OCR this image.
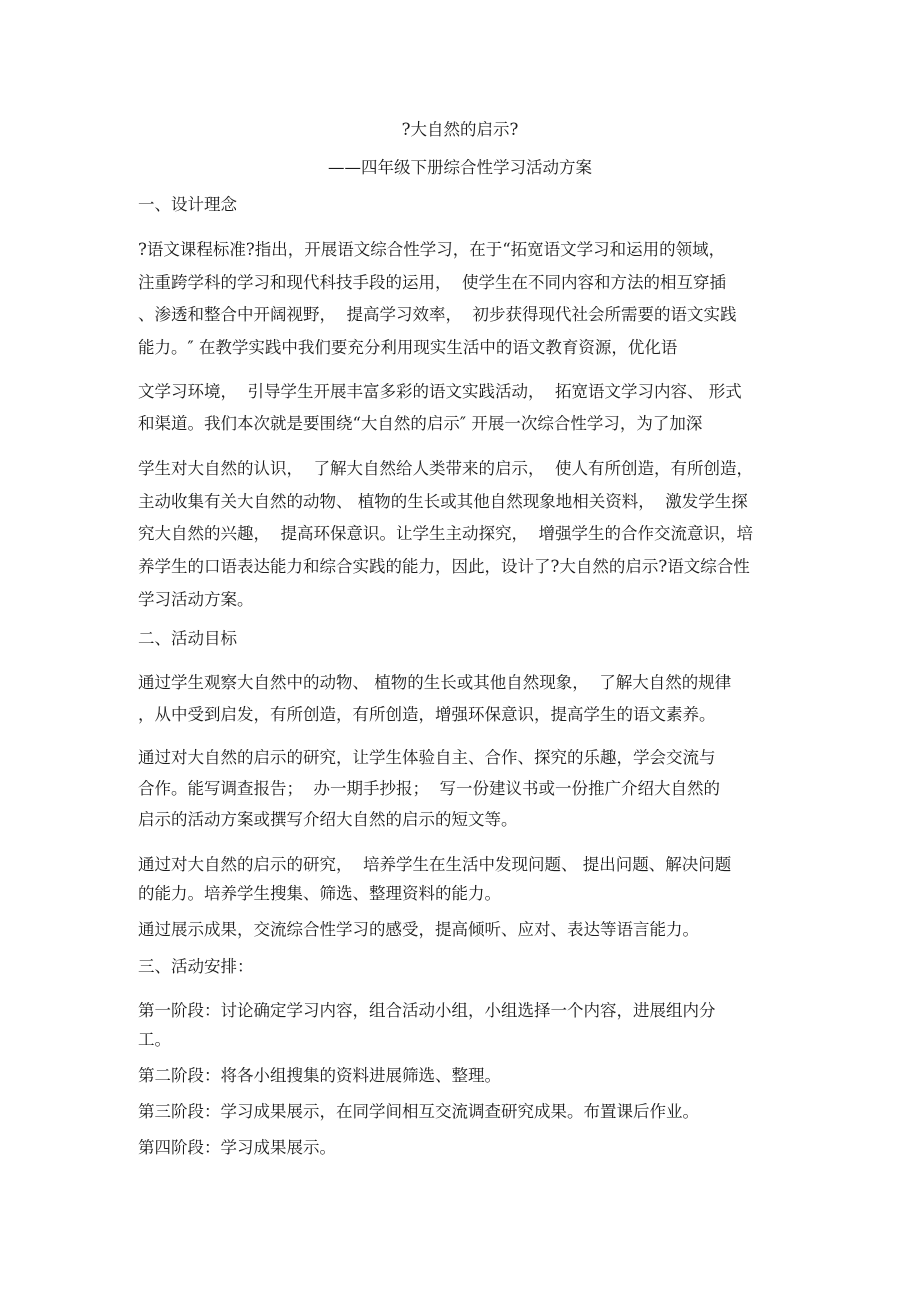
?大自然的启示?
——四年级下册综合性学习活动方案
一、设计理念
?语文课程标准?指出，开展语文综合性学习，在于“拓宽语文学习和运用的领域，
注重跨学科的学习和现代科技手段的运用，  使学生在不同内容和方法的相互穿插
、渗透和整合中开阔视野，  提高学习效率，  初步获得现代社会所需要的语文实践
能力。″ 在教学实践中我们要充分利用现实生活中的语文教育资源，优化语
文学习环境，  引导学生开展丰富多彩的语文实践活动，  拓宽语文学习内容、 形式
和渠道。我们本次就是要围绕“大自然的启示″ 开展一次综合性学习，为了加深
学生对大自然的认识，  了解大自然给人类带来的启示，  使人有所创造，有所创造，
主动收集有关大自然的动物、 植物的生长或其他自然现象地相关资料，  激发学生探
究大自然的兴趣，  提高环保意识。让学生主动探究，  增强学生的合作交流意识，培
养学生的口语表达能力和综合实践的能力，因此，设计了?大自然的启示?语文综合性
学习活动方案。
二、活动目标
通过学生观察大自然中的动物、 植物的生长或其他自然现象，  了解大自然的规律
，从中受到启发，有所创造，有所创造，增强环保意识，提高学生的语文素养。
通过对大自然的启示的研究，让学生体验自主、合作、探究的乐趣，学会交流与
合作。能写调查报告；  办一期手抄报；  写一份建议书或一份推广介绍大自然的
启示的活动方案或撰写介绍大自然的启示的短文等。
通过对大自然的启示的研究，  培养学生在生活中发现问题、 提出问题、解决问题
的能力。培养学生搜集、筛选、整理资料的能力。
通过展示成果，交流综合性学习的感受，提高倾听、应对、表达等语言能力。
三、活动安排：
第一阶段：讨论确定学习内容，组合活动小组，小组选择一个内容，进展组内分
工。
第二阶段：将各小组搜集的资料进展筛选、整理。
第三阶段：学习成果展示，在同学间相互交流调查研究成果。布置课后作业。
第四阶段：学习成果展示。
